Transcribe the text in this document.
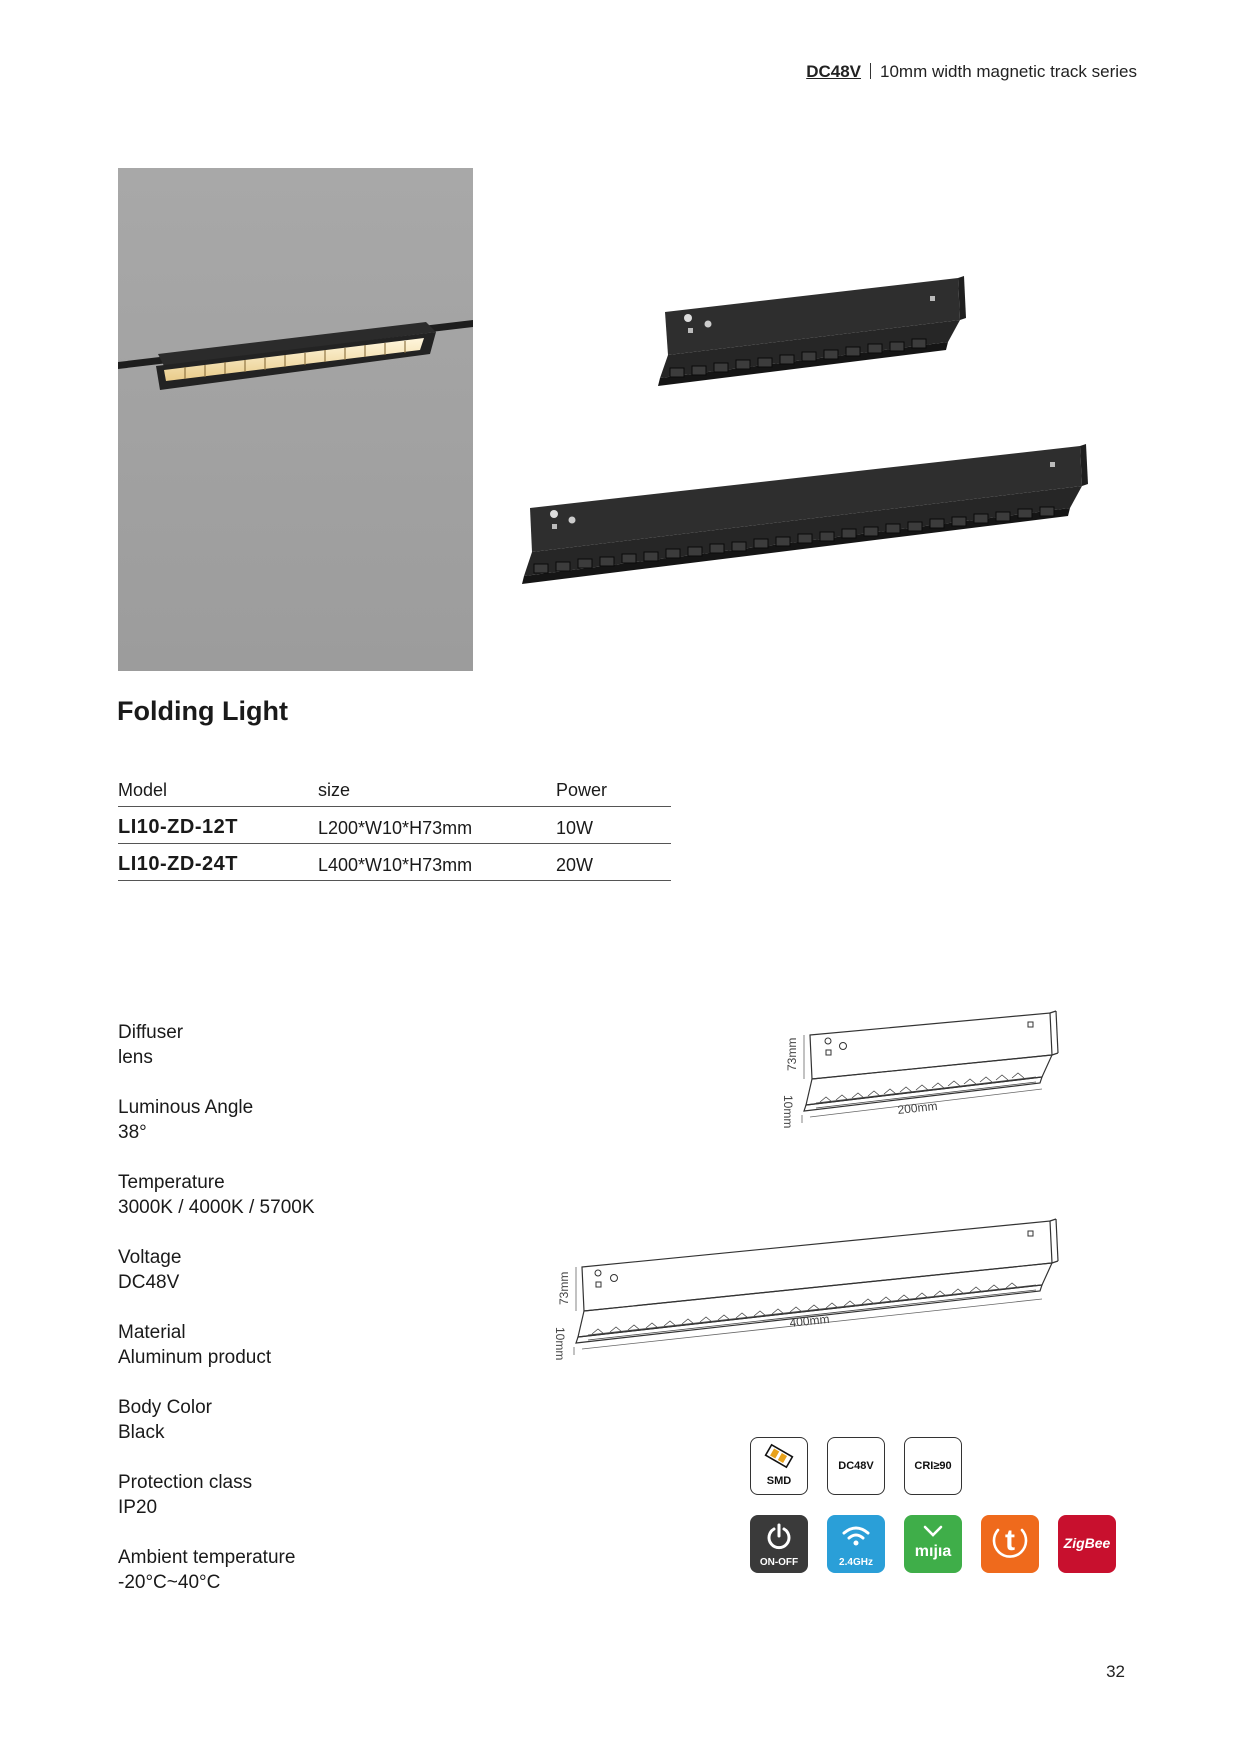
DC48V 10mm width magnetic track series
Folding Light
Model	size	Power
LI10-ZD-12T	L200*W10*H73mm	10W
LI10-ZD-24T	L400*W10*H73mm	20W
Diffuser
lens
Luminous Angle
38°
Temperature
3000K / 4000K / 5700K
Voltage
DC48V
Material
Aluminum product
Body Color
Black
Protection class
IP20
Ambient temperature
-20°C~40°C
73mm
10mm	200mm
73mm
10mm
400mm
SMD
DC48V	CRI≥90
ON-OFF	2.4GHz
mıjıa	t	ZigBee
32
